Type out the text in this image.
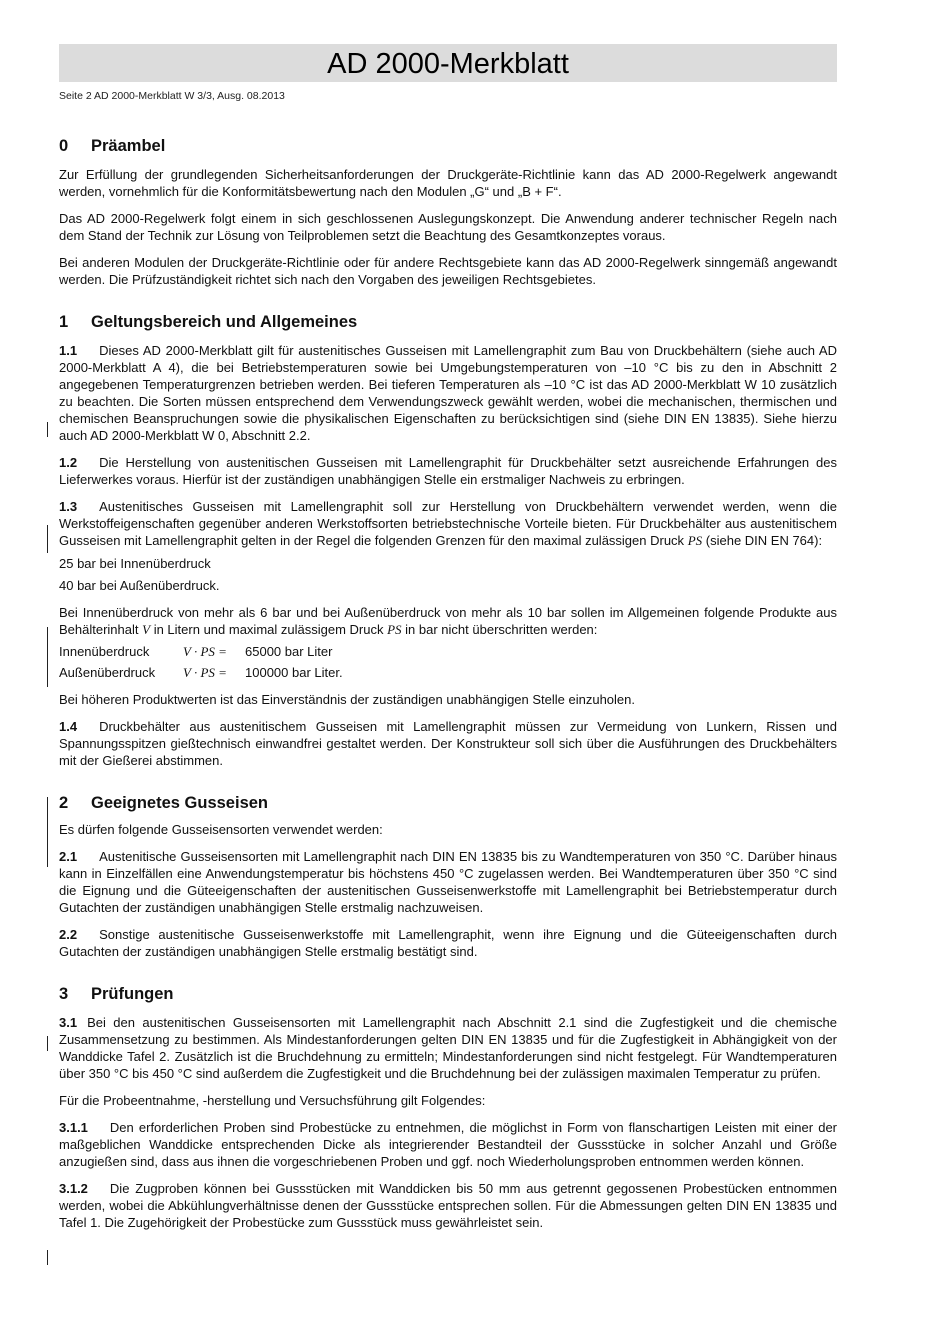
AD 2000-Merkblatt
Seite 2 AD 2000-Merkblatt W 3/3, Ausg. 08.2013
0 Präambel

Zur Erfüllung der grundlegenden Sicherheitsanforderungen der Druckgeräte-Richtlinie kann das AD 2000-Regelwerk angewandt werden, vornehmlich für die Konformitätsbewertung nach den Modulen „G“ und „B + F“.

Das AD 2000-Regelwerk folgt einem in sich geschlossenen Auslegungskonzept. Die Anwendung anderer technischer Regeln nach dem Stand der Technik zur Lösung von Teilproblemen setzt die Beachtung des Gesamtkonzeptes voraus.

Bei anderen Modulen der Druckgeräte-Richtlinie oder für andere Rechtsgebiete kann das AD 2000-Regelwerk sinngemäß angewandt werden. Die Prüfzuständigkeit richtet sich nach den Vorgaben des jeweiligen Rechtsgebietes.

1 Geltungsbereich und Allgemeines

1.1 Dieses AD 2000-Merkblatt gilt für austenitisches Gusseisen mit Lamellengraphit zum Bau von Druckbehältern (siehe auch AD 2000-Merkblatt A 4), die bei Betriebstemperaturen sowie bei Umgebungstemperaturen von –10 °C bis zu den in Abschnitt 2 angegebenen Temperaturgrenzen betrieben werden. Bei tieferen Temperaturen als –10 °C ist das AD 2000-Merkblatt W 10 zusätzlich zu beachten. Die Sorten müssen entsprechend dem Verwendungszweck gewählt werden, wobei die mechanischen, thermischen und chemischen Beanspruchungen sowie die physikalischen Eigenschaften zu berücksichtigen sind (siehe DIN EN 13835). Siehe hierzu auch AD 2000-Merkblatt W 0, Abschnitt 2.2.

1.2 Die Herstellung von austenitischen Gusseisen mit Lamellengraphit für Druckbehälter setzt ausreichende Erfahrungen des Lieferwerkes voraus. Hierfür ist der zuständigen unabhängigen Stelle ein erstmaliger Nachweis zu erbringen.

1.3 Austenitisches Gusseisen mit Lamellengraphit soll zur Herstellung von Druckbehältern verwendet werden, wenn die Werkstoffeigenschaften gegenüber anderen Werkstoffsorten betriebstechnische Vorteile bieten. Für Druckbehälter aus austenitischem Gusseisen mit Lamellengraphit gelten in der Regel die folgenden Grenzen für den maximal zulässigen Druck PS (siehe DIN EN 764):

25 bar bei Innenüberdruck

40 bar bei Außenüberdruck.

Bei Innenüberdruck von mehr als 6 bar und bei Außenüberdruck von mehr als 10 bar sollen im Allgemeinen folgende Produkte aus Behälterinhalt V in Litern und maximal zulässigem Druck PS in bar nicht überschritten werden:

Innenüberdruck	V · PS =	65000 bar Liter
Außenüberdruck	V · PS =	100000 bar Liter.

Bei höheren Produktwerten ist das Einverständnis der zuständigen unabhängigen Stelle einzuholen.

1.4 Druckbehälter aus austenitischem Gusseisen mit Lamellengraphit müssen zur Vermeidung von Lunkern, Rissen und Spannungsspitzen gießtechnisch einwandfrei gestaltet werden. Der Konstrukteur soll sich über die Ausführungen des Druckbehälters mit der Gießerei abstimmen.

2 Geeignetes Gusseisen

Es dürfen folgende Gusseisensorten verwendet werden:

2.1 Austenitische Gusseisensorten mit Lamellengraphit nach DIN EN 13835 bis zu Wandtemperaturen von 350 °C. Darüber hinaus kann in Einzelfällen eine Anwendungstemperatur bis höchstens 450 °C zugelassen werden. Bei Wandtemperaturen über 350 °C sind die Eignung und die Güteeigenschaften der austenitischen Gusseisenwerkstoffe mit Lamellengraphit bei Betriebstemperatur durch Gutachten der zuständigen unabhängigen Stelle erstmalig nachzuweisen.

2.2 Sonstige austenitische Gusseisenwerkstoffe mit Lamellengraphit, wenn ihre Eignung und die Güteeigenschaften durch Gutachten der zuständigen unabhängigen Stelle erstmalig bestätigt sind.

3 Prüfungen

3.1 Bei den austenitischen Gusseisensorten mit Lamellengraphit nach Abschnitt 2.1 sind die Zugfestigkeit und die chemische Zusammensetzung zu bestimmen. Als Mindestanforderungen gelten DIN EN 13835 und für die Zugfestigkeit in Abhängigkeit von der Wanddicke Tafel 2. Zusätzlich ist die Bruchdehnung zu ermitteln; Mindestanforderungen sind nicht festgelegt. Für Wandtemperaturen über 350 °C bis 450 °C sind außerdem die Zugfestigkeit und die Bruchdehnung bei der zulässigen maximalen Temperatur zu prüfen.

Für die Probeentnahme, -herstellung und Versuchsführung gilt Folgendes:

3.1.1 Den erforderlichen Proben sind Probestücke zu entnehmen, die möglichst in Form von flanschartigen Leisten mit einer der maßgeblichen Wanddicke entsprechenden Dicke als integrierender Bestandteil der Gussstücke in solcher Anzahl und Größe anzugießen sind, dass aus ihnen die vorgeschriebenen Proben und ggf. noch Wiederholungsproben entnommen werden können.

3.1.2 Die Zugproben können bei Gussstücken mit Wanddicken bis 50 mm aus getrennt gegossenen Probestücken entnommen werden, wobei die Abkühlungverhältnisse denen der Gussstücke entsprechen sollen. Für die Abmessungen gelten DIN EN 13835 und Tafel 1. Die Zugehörigkeit der Probestücke zum Gussstück muss gewährleistet sein.
